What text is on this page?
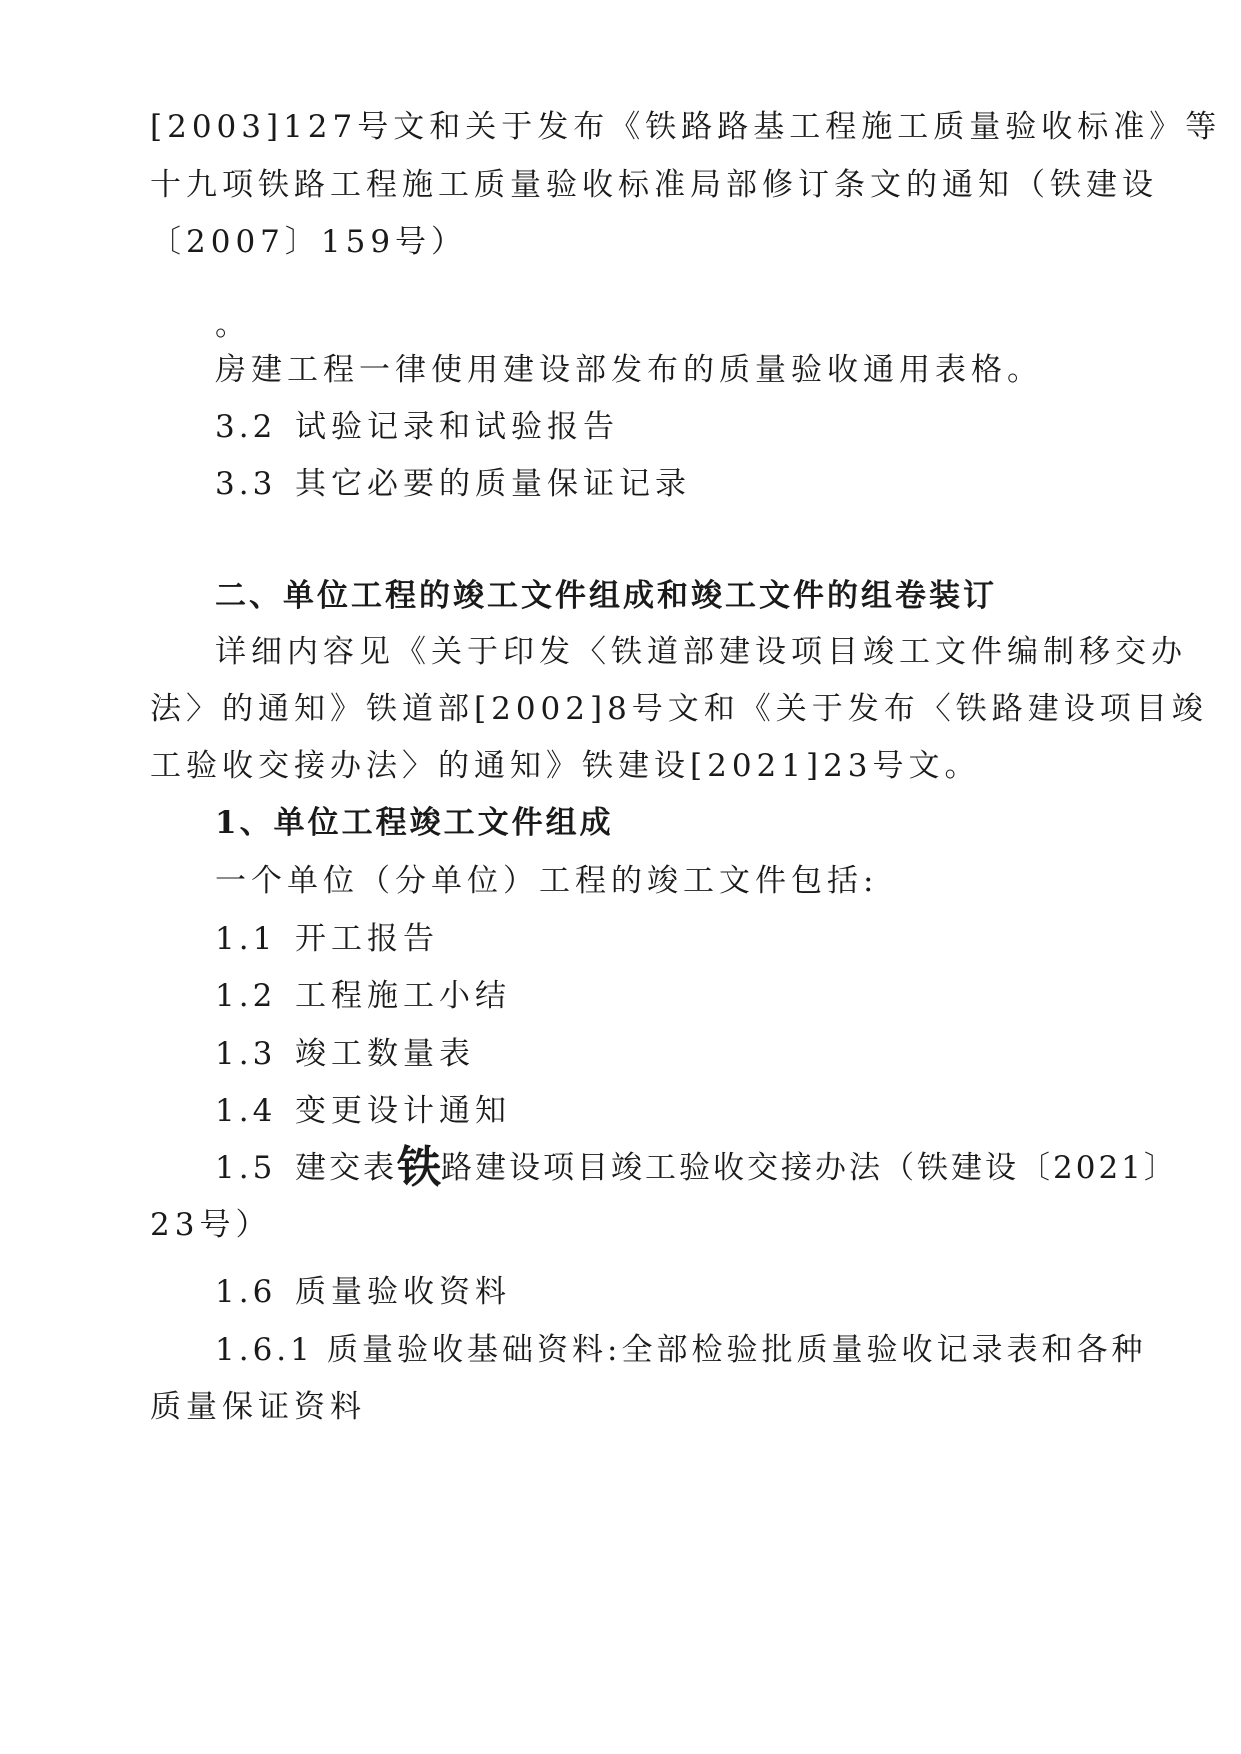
[2003]127号文和关于发布《铁路路基工程施工质量验收标准》等
十九项铁路工程施工质量验收标准局部修订条文的通知（铁建设
〔2007〕159号）
。
房建工程一律使用建设部发布的质量验收通用表格。
3.2 试验记录和试验报告
3.3 其它必要的质量保证记录
二、单位工程的竣工文件组成和竣工文件的组卷装订
详细内容见《关于印发〈铁道部建设项目竣工文件编制移交办
法〉的通知》铁道部[2002]8号文和《关于发布〈铁路建设项目竣
工验收交接办法〉的通知》铁建设[2021]23号文。
1、单位工程竣工文件组成
一个单位（分单位）工程的竣工文件包括:
1.1 开工报告
1.2 工程施工小结
1.3 竣工数量表
1.4 变更设计通知
1.5 建交表铁路建设项目竣工验收交接办法（铁建设〔2021〕
23号）
1.6 质量验收资料
1.6.1 质量验收基础资料:全部检验批质量验收记录表和各种
质量保证资料
